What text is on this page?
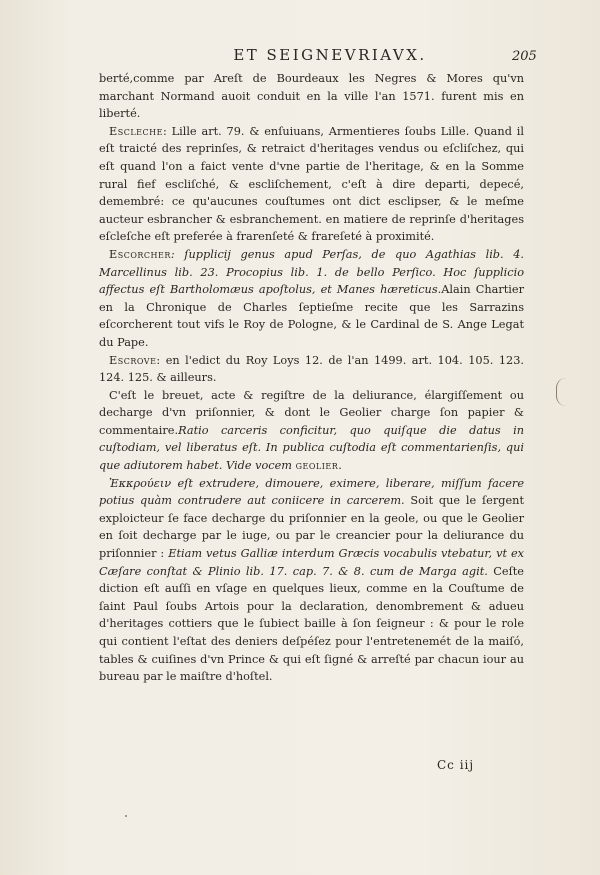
ET SEIGNEVRIAVX.	205

berté,comme par Areſt de Bourdeaux les Negres & Mores qu'vn marchant Normand auoit conduit en la ville l'an 1571. furent mis en liberté.

Escleche: Lille art. 79. & enſuiuans, Armentieres ſoubs Lille. Quand il eſt traicté des reprinſes, & retraict d'heritages vendus ou eſcliſchez, qui eſt quand l'on a faict vente d'vne partie de l'heritage, & en la Somme rural fief escliſché, & escliſchement, c'eſt à dire departi, depecé, demembré: ce qu'aucunes couſtumes ont dict esclipser, & le meſme aucteur esbrancher & esbranchement. en matiere de reprinſe d'heritages eſcleſche eſt preferée à frarenſeté & frareſeté à proximité.

Escorcher: ſupplicij genus apud Perſas, de quo Agathias lib. 4. Marcellinus lib. 23. Procopius lib. 1. de bello Perſico. Hoc ſupplicio affectus eſt Bartholomæus apoſtolus, et Manes hæreticus.Alain Chartier en la Chronique de Charles ſeptieſme recite que les Sarrazins eſcorcherent tout vifs le Roy de Pologne, & le Cardinal de S. Ange Legat du Pape.

Escrove: en l'edict du Roy Loys 12. de l'an 1499. art. 104. 105. 123. 124. 125. & ailleurs.

C'eſt le breuet, acte & regiſtre de la deliurance, élargiſſement ou decharge d'vn priſonnier, & dont le Geolier charge ſon papier & commentaire.Ratio carceris conficitur, quo quiſque die datus in cuſtodiam, vel liberatus eſt. In publica cuſtodia eſt commentarienſis, qui que adiutorem habet. Vide vocem geolier.

Ἐκκρούειν eſt extrudere, dimouere, eximere, liberare, miſſum facere potius quàm contrudere aut coniicere in carcerem. Soit que le ſergent exploicteur ſe face decharge du priſonnier en la geole, ou que le Geolier en ſoit decharge par le iuge, ou par le creancier pour la deliurance du priſonnier : Etiam vetus Galliæ interdum Græcis vocabulis vtebatur, vt ex Cæſare conſtat & Plinio lib. 17. cap. 7. & 8. cum de Marga agit. Ceſte diction eſt auſſi en vſage en quelques lieux, comme en la Couſtume de ſaint Paul ſoubs Artois pour la declaration, denombrement & adueu d'heritages cottiers que le ſubiect baille à ſon ſeigneur : & pour le role qui contient l'eſtat des deniers deſpéſez pour l'entretenemét de la maiſó, tables & cuiſines d'vn Prince & qui eſt ſigné & arreſté par chacun iour au bureau par le maiſtre d'hoſtel.

Cc iij
